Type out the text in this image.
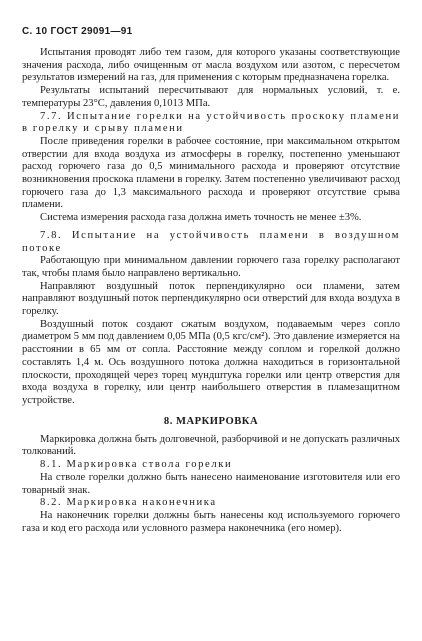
С. 10 ГОСТ 29091—91

Испытания проводят либо тем газом, для которого указаны соответствующие значения расхода, либо очищенным от масла воздухом или азотом, с пересчетом результатов измерений на газ, для применения с которым предназначена горелка.

Результаты испытаний пересчитывают для нормальных условий, т. е. температуры 23°С, давления 0,1013 МПа.

7.7. Испытание горелки на устойчивость проскоку пламени в горелку и срыву пламени

После приведения горелки в рабочее состояние, при максимальном открытом отверстии для входа воздуха из атмосферы в горелку, постепенно уменьшают расход горючего газа до 0,5 минимального расхода и проверяют отсутствие возникновения проскока пламени в горелку. Затем постепенно увеличивают расход горючего газа до 1,3 максимального расхода и проверяют отсутствие срыва пламени.

Система измерения расхода газа должна иметь точность не менее ±3%.

7.8. Испытание на устойчивость пламени в воздушном потоке

Работающую при минимальном давлении горючего газа горелку располагают так, чтобы пламя было направлено вертикально.

Направляют воздушный поток перпендикулярно оси пламени, затем направляют воздушный поток перпендикулярно оси отверстий для входа воздуха в горелку.

Воздушный поток создают сжатым воздухом, подаваемым через сопло диаметром 5 мм под давлением 0,05 МПа (0,5 кгс/см²). Это давление измеряется на расстоянии в 65 мм от сопла. Расстояние между соплом и горелкой должно составлять 1,4 м. Ось воздушного потока должна находиться в горизонтальной плоскости, проходящей через торец мундштука горелки или центр отверстия для входа воздуха в горелку, или центр наибольшего отверстия в пламезащитном устройстве.

8. МАРКИРОВКА

Маркировка должна быть долговечной, разборчивой и не допускать различных толкований.

8.1. Маркировка ствола горелки

На стволе горелки должно быть нанесено наименование изготовителя или его товарный знак.

8.2. Маркировка наконечника

На наконечник горелки должны быть нанесены код используемого горючего газа и код его расхода или условного размера наконечника (его номер).
